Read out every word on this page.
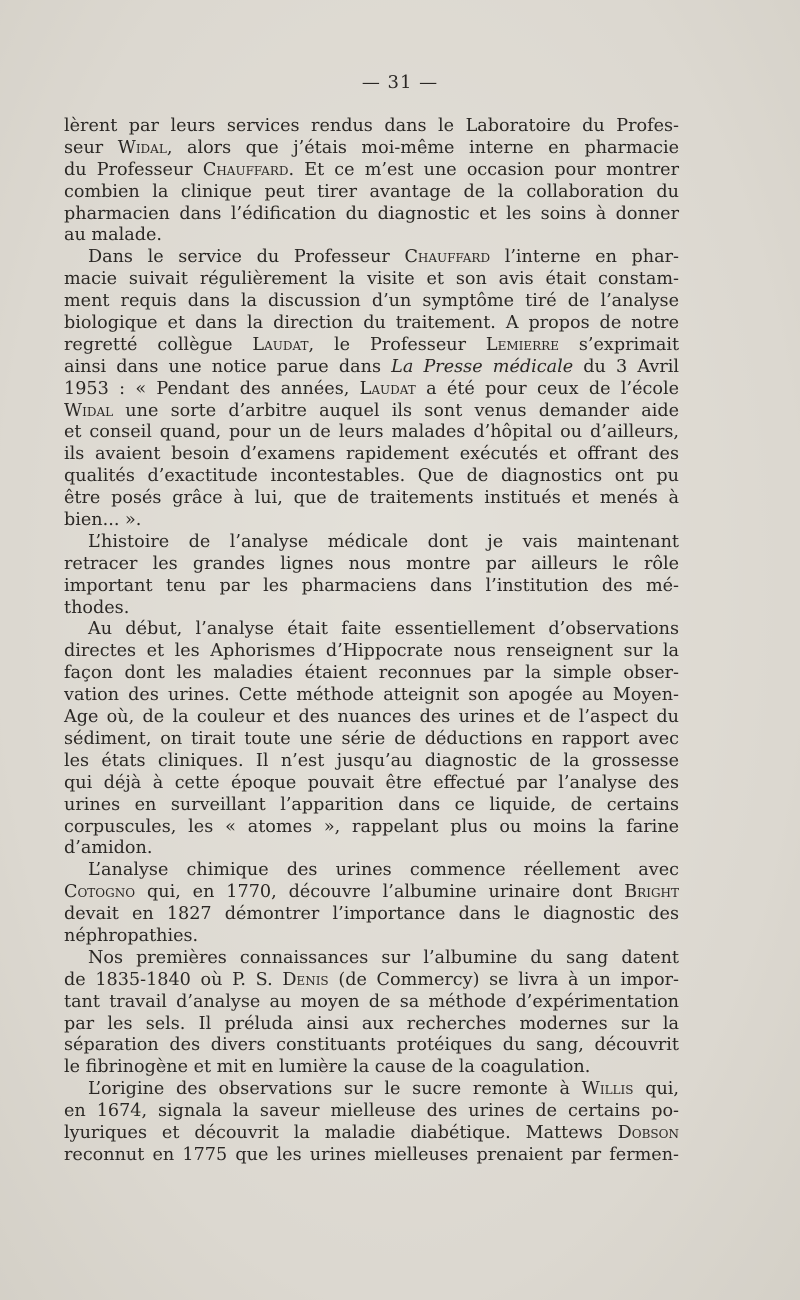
— 31 —
lèrent par leurs services rendus dans le Laboratoire du Profes-
seur Widal, alors que j’étais moi-même interne en pharmacie
du Professeur Chauffard. Et ce m’est une occasion pour montrer
combien la clinique peut tirer avantage de la collaboration du
pharmacien dans l’édification du diagnostic et les soins à donner
au malade.
Dans le service du Professeur Chauffard l’interne en phar-
macie suivait régulièrement la visite et son avis était constam-
ment requis dans la discussion d’un symptôme tiré de l’analyse
biologique et dans la direction du traitement. A propos de notre
regretté collègue Laudat, le Professeur Lemierre s’exprimait
ainsi dans une notice parue dans La Presse médicale du 3 Avril
1953 : « Pendant des années, Laudat a été pour ceux de l’école
Widal une sorte d’arbitre auquel ils sont venus demander aide
et conseil quand, pour un de leurs malades d’hôpital ou d’ailleurs,
ils avaient besoin d’examens rapidement exécutés et offrant des
qualités d’exactitude incontestables. Que de diagnostics ont pu
être posés grâce à lui, que de traitements institués et menés à
bien... ».
L’histoire de l’analyse médicale dont je vais maintenant
retracer les grandes lignes nous montre par ailleurs le rôle
important tenu par les pharmaciens dans l’institution des mé-
thodes.
Au début, l’analyse était faite essentiellement d’observations
directes et les Aphorismes d’Hippocrate nous renseignent sur la
façon dont les maladies étaient reconnues par la simple obser-
vation des urines. Cette méthode atteignit son apogée au Moyen-
Age où, de la couleur et des nuances des urines et de l’aspect du
sédiment, on tirait toute une série de déductions en rapport avec
les états cliniques. Il n’est jusqu’au diagnostic de la grossesse
qui déjà à cette époque pouvait être effectué par l’analyse des
urines en surveillant l’apparition dans ce liquide, de certains
corpuscules, les « atomes », rappelant plus ou moins la farine
d’amidon.
L’analyse chimique des urines commence réellement avec
Cotogno qui, en 1770, découvre l’albumine urinaire dont Bright
devait en 1827 démontrer l’importance dans le diagnostic des
néphropathies.
Nos premières connaissances sur l’albumine du sang datent
de 1835-1840 où P. S. Denis (de Commercy) se livra à un impor-
tant travail d’analyse au moyen de sa méthode d’expérimentation
par les sels. Il préluda ainsi aux recherches modernes sur la
séparation des divers constituants protéiques du sang, découvrit
le fibrinogène et mit en lumière la cause de la coagulation.
L’origine des observations sur le sucre remonte à Willis qui,
en 1674, signala la saveur mielleuse des urines de certains po-
lyuriques et découvrit la maladie diabétique. Mattews Dobson
reconnut en 1775 que les urines mielleuses prenaient par fermen-
